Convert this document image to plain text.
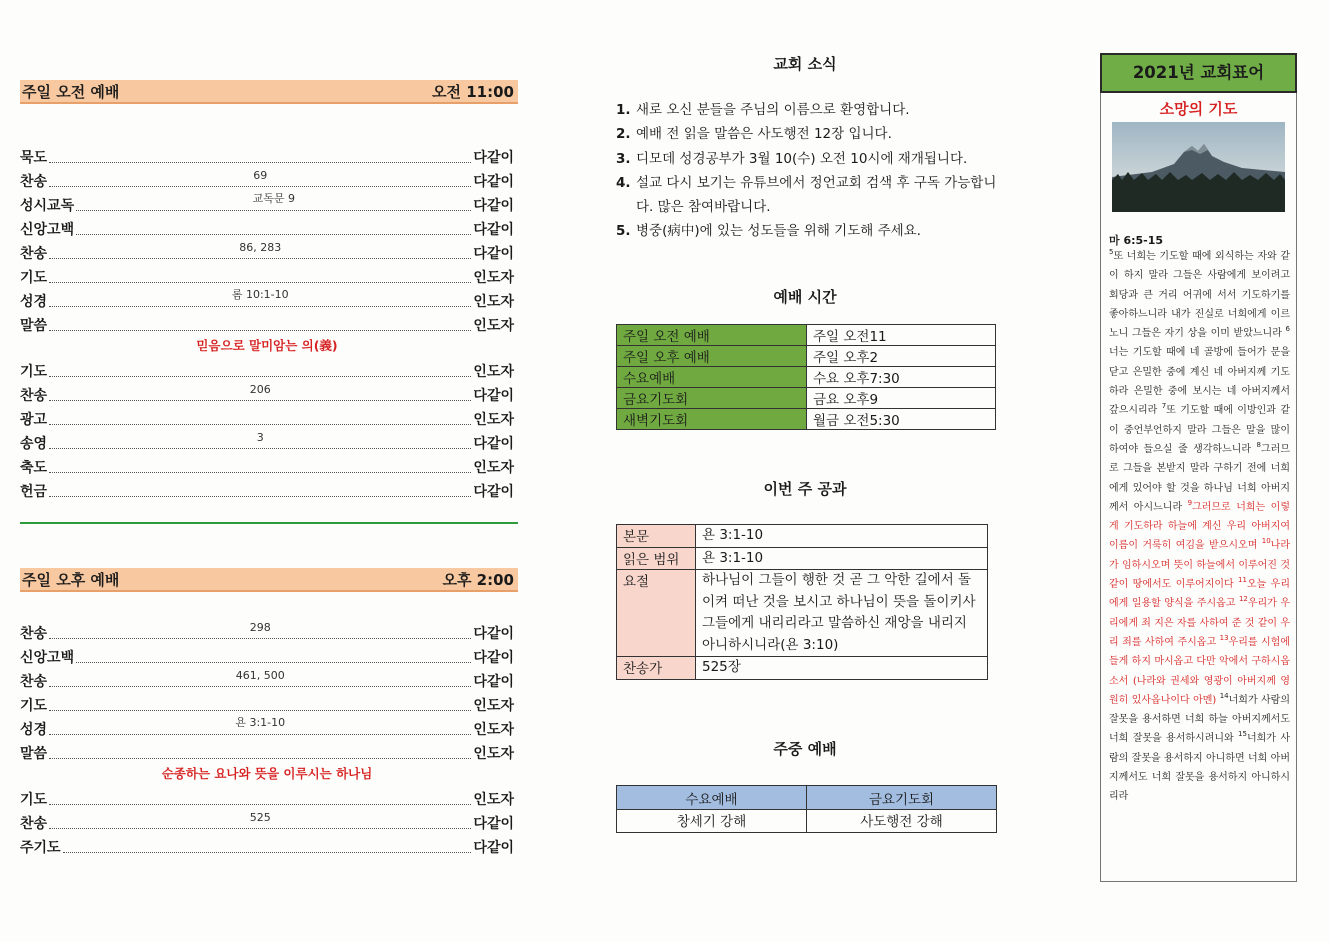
주일 오전 예배	오전 11:00
묵도	다같이
찬송	69	다같이
성시교독	교독문 9	다같이
신앙고백	다같이
찬송	86, 283	다같이
기도	인도자
성경	롬 10:1-10	인도자
말씀	인도자
믿음으로 말미암는 의(義)
기도	인도자
찬송	206	다같이
광고	인도자
송영	3	다같이
축도	인도자
헌금	다같이
주일 오후 예배	오후 2:00
찬송	298	다같이
신앙고백	다같이
찬송	461, 500	다같이
기도	인도자
성경	욘 3:1-10	인도자
말씀	인도자
순종하는 요나와 뜻을 이루시는 하나님
기도	인도자
찬송	525	다같이
주기도	다같이
교회 소식
1. 새로 오신 분들을 주님의 이름으로 환영합니다.
2. 예배 전 읽을 말씀은 사도행전 12장 입니다.
3. 디모데 성경공부가 3월 10(수) 오전 10시에 재개됩니다.
4. 설교 다시 보기는 유튜브에서 정언교회 검색 후 구독 가능합니다. 많은 참여바랍니다.
5. 병중(病中)에 있는 성도들을 위해 기도해 주세요.
예배 시간
주일 오전 예배	주일 오전11
주일 오후 예배	주일 오후2
수요예배	수요 오후7:30
금요기도회	금요 오후9
새벽기도회	월금 오전5:30
이번 주 공과
본문	욘 3:1-10
읽은 범위	욘 3:1-10
요절	하나님이 그들이 행한 것 곧 그 악한 길에서 돌이켜 떠난 것을 보시고 하나님이 뜻을 돌이키사 그들에게 내리리라고 말씀하신 재앙을 내리지 아니하시니라(욘 3:10)
찬송가	525장
주중 예배
수요예배	금요기도회
창세기 강해	사도행전 강해
2021년 교회표어
소망의 기도
마 6:5-15
$^5$또 너희는 기도할 때에 외식하는 자와 같이 하지 말라 그들은 사람에게 보이려고 회당과 큰 거리 어귀에 서서 기도하기를 좋아하느니라 내가 진실로 너희에게 이르노니 그들은 자기 상을 이미 받았느니라 $^6$너는 기도할 때에 네 골방에 들어가 문을 닫고 은밀한 중에 계신 네 아버지께 기도하라 은밀한 중에 보시는 네 아버지께서 갚으시리라 $^7$또 기도할 때에 이방인과 같이 중언부언하지 말라 그들은 말을 많이 하여야 들으실 줄 생각하느니라 $^8$그러므로 그들을 본받지 말라 구하기 전에 너희에게 있어야 할 것을 하나님 너희 아버지께서 아시느니라 $^9$그러므로 너희는 이렇게 기도하라 하늘에 계신 우리 아버지여 이름이 거룩히 여김을 받으시오며 $^{10}$나라가 임하시오며 뜻이 하늘에서 이루어진 것 같이 땅에서도 이루어지이다 $^{11}$오늘 우리에게 일용할 양식을 주시옵고 $^{12}$우리가 우리에게 죄 지은 자를 사하여 준 것 같이 우리 죄를 사하여 주시옵고 $^{13}$우리를 시험에 들게 하지 마시옵고 다만 악에서 구하시옵소서 (나라와 권세와 영광이 아버지께 영원히 있사옵나이다 아멘) $^{14}$너희가 사람의 잘못을 용서하면 너희 하늘 아버지께서도 너희 잘못을 용서하시려니와 $^{15}$너희가 사람의 잘못을 용서하지 아니하면 너희 아버지께서도 너희 잘못을 용서하지 아니하시리라
